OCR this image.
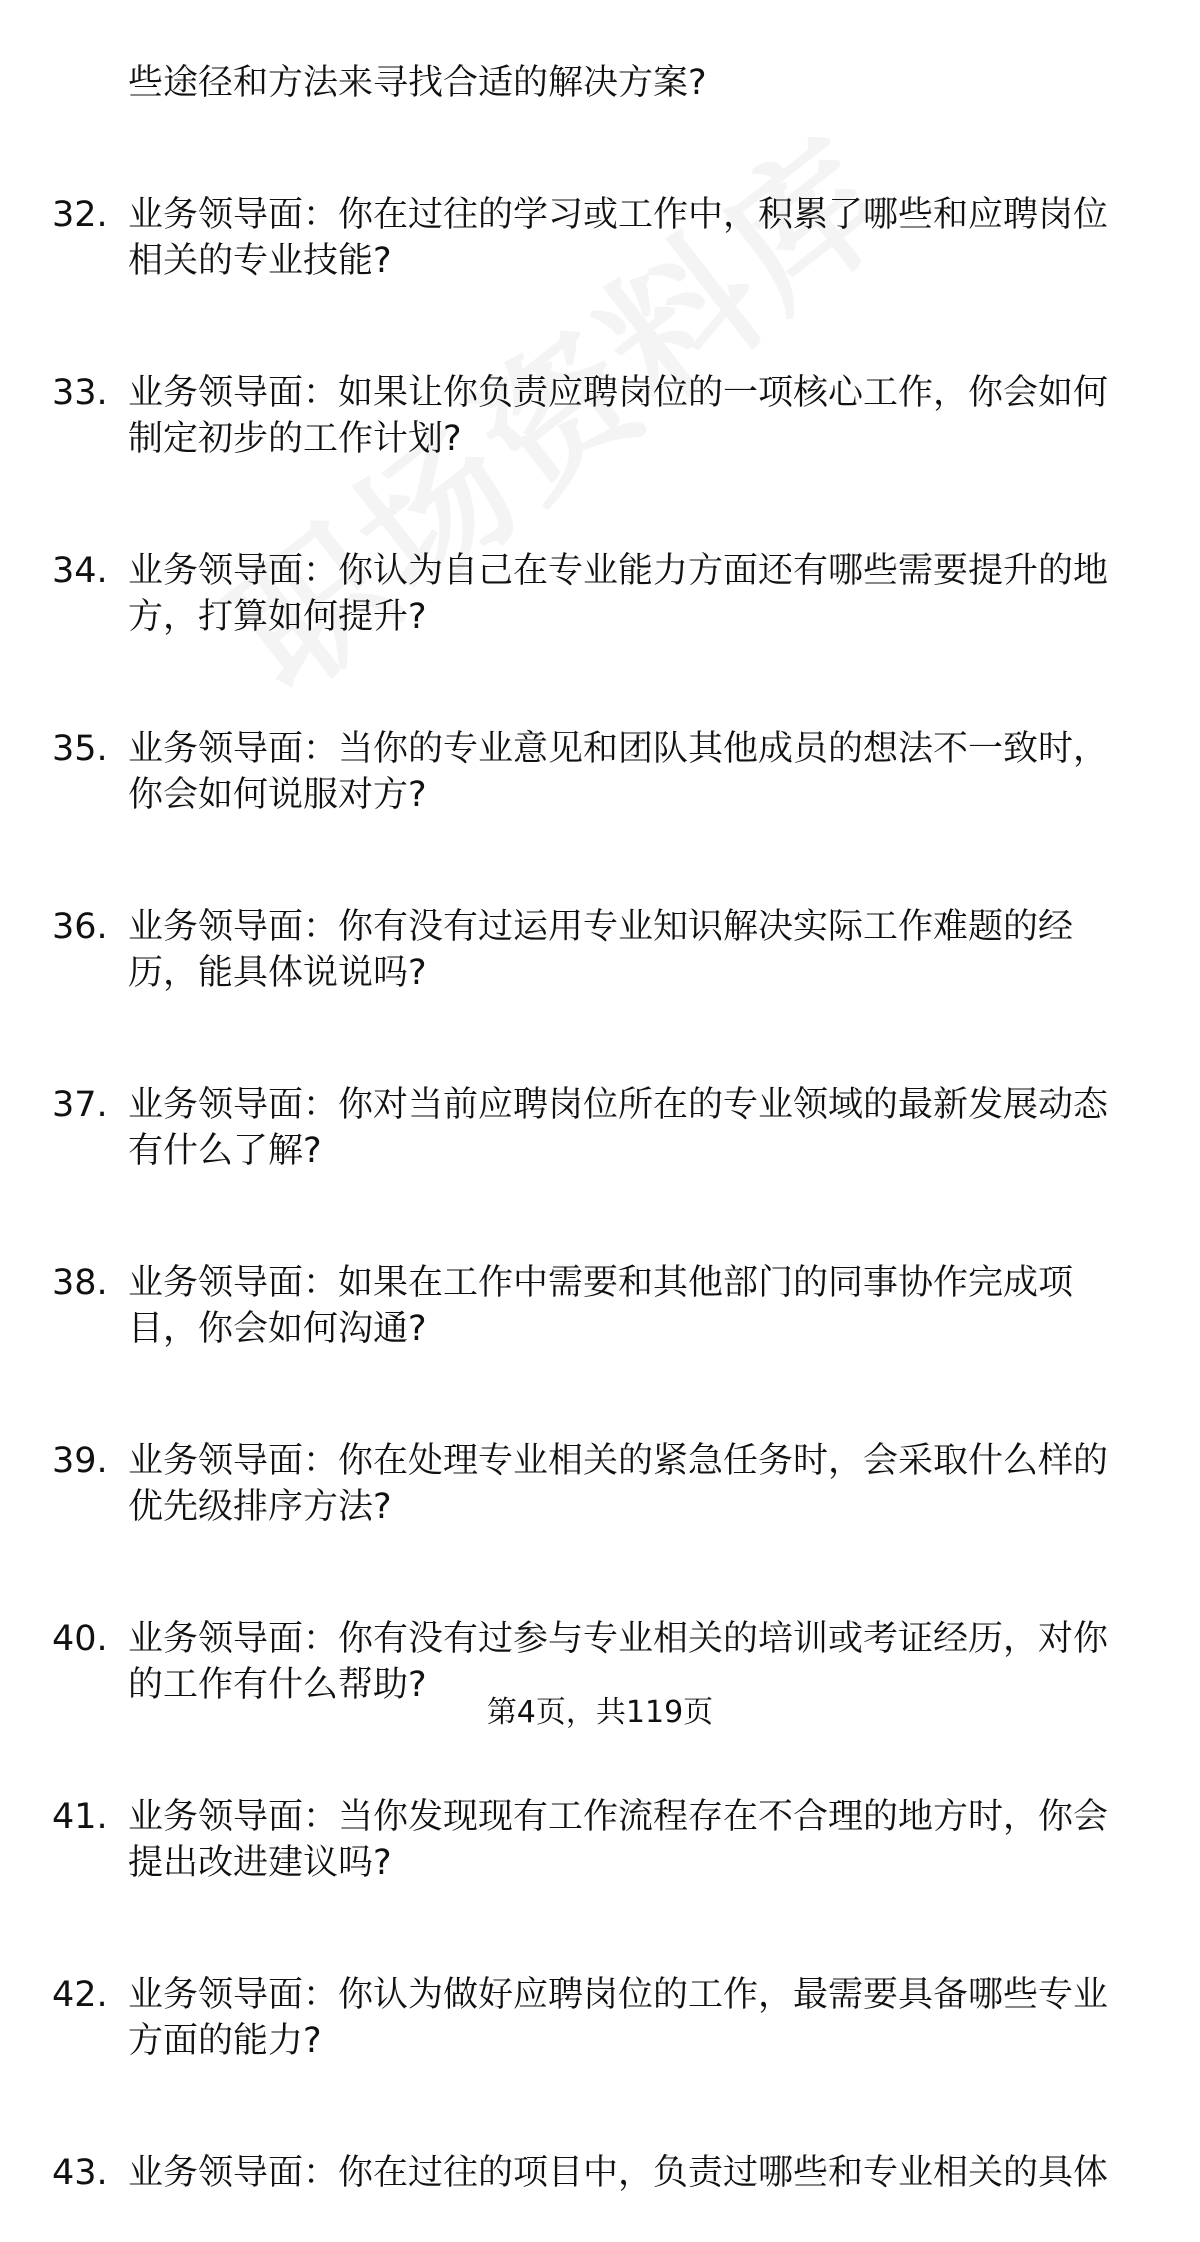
些途径和方法来寻找合适的解决方案?
32. 业务领导面：你在过往的学习或工作中，积累了哪些和应聘岗位
相关的专业技能?
33. 业务领导面：如果让你负责应聘岗位的一项核心工作，你会如何
制定初步的工作计划?
34. 业务领导面：你认为自己在专业能力方面还有哪些需要提升的地
方，打算如何提升?
35. 业务领导面：当你的专业意见和团队其他成员的想法不一致时，
你会如何说服对方?
36. 业务领导面：你有没有过运用专业知识解决实际工作难题的经
历，能具体说说吗?
37. 业务领导面：你对当前应聘岗位所在的专业领域的最新发展动态
有什么了解?
38. 业务领导面：如果在工作中需要和其他部门的同事协作完成项
目，你会如何沟通?
39. 业务领导面：你在处理专业相关的紧急任务时，会采取什么样的
优先级排序方法?
40. 业务领导面：你有没有过参与专业相关的培训或考证经历，对你
的工作有什么帮助?
41. 业务领导面：当你发现现有工作流程存在不合理的地方时，你会
提出改进建议吗?
42. 业务领导面：你认为做好应聘岗位的工作，最需要具备哪些专业
方面的能力?
43. 业务领导面：你在过往的项目中，负责过哪些和专业相关的具体
第4页，共119页
